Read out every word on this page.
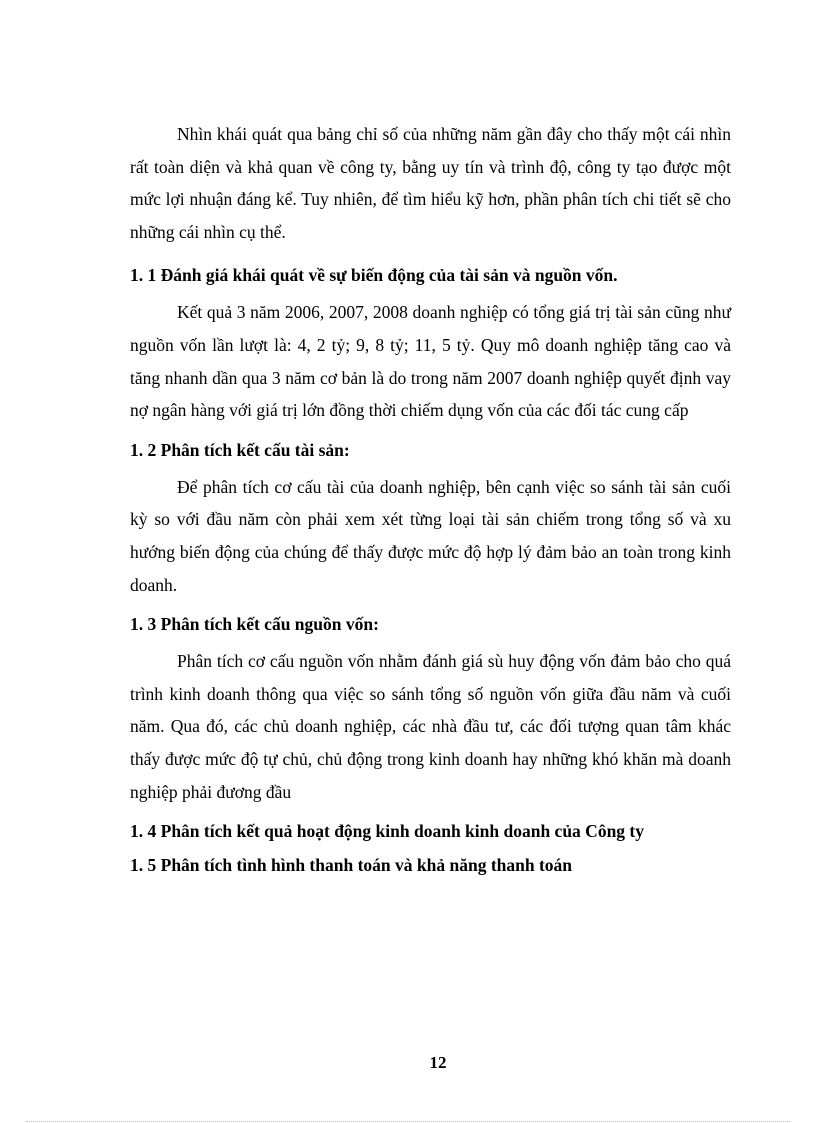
Nhìn khái quát qua bảng chỉ số của những năm gần đây cho thấy một cái nhìn rất toàn diện và khả quan về công ty, bằng uy tín và trình độ, công ty tạo được một mức lợi nhuận đáng kể. Tuy nhiên, để tìm hiểu kỹ hơn, phần phân tích chi tiết sẽ cho những cái nhìn cụ thể.

1. 1 Đánh giá khái quát về sự biến động của tài sản và nguồn vốn.

Kết quả 3 năm 2006, 2007, 2008 doanh nghiệp có tổng giá trị tài sản cũng như nguồn vốn lần lượt là: 4, 2 tỷ; 9, 8 tỷ; 11, 5 tỷ. Quy mô doanh nghiệp tăng cao và tăng nhanh dần qua 3 năm cơ bản là do trong năm 2007 doanh nghiệp quyết định vay nợ ngân hàng với giá trị lớn đồng thời chiếm dụng vốn của các đối tác cung cấp

1. 2 Phân tích kết cấu tài sản:

Để phân tích cơ cấu tài của doanh nghiệp, bên cạnh việc so sánh tài sản cuối kỳ so với đầu năm còn phải xem xét từng loại tài sản chiếm trong tổng số và xu hướng biến động của chúng để thấy được mức độ hợp lý đảm bảo an toàn trong kinh doanh.

1. 3 Phân tích kết cấu nguồn vốn:

Phân tích cơ cấu nguồn vốn nhằm đánh giá sù huy động vốn đảm bảo cho quá trình kinh doanh thông qua việc so sánh tổng số nguồn vốn giữa đầu năm và cuối năm. Qua đó, các chủ doanh nghiệp, các nhà đầu tư, các đối tượng quan tâm khác thấy được mức độ tự chủ, chủ động trong kinh doanh hay những khó khăn mà doanh nghiệp phải đương đầu

1. 4 Phân tích kết quả hoạt động kinh doanh kinh doanh của Công ty

1. 5 Phân tích tình hình thanh toán và khả năng thanh toán

12
